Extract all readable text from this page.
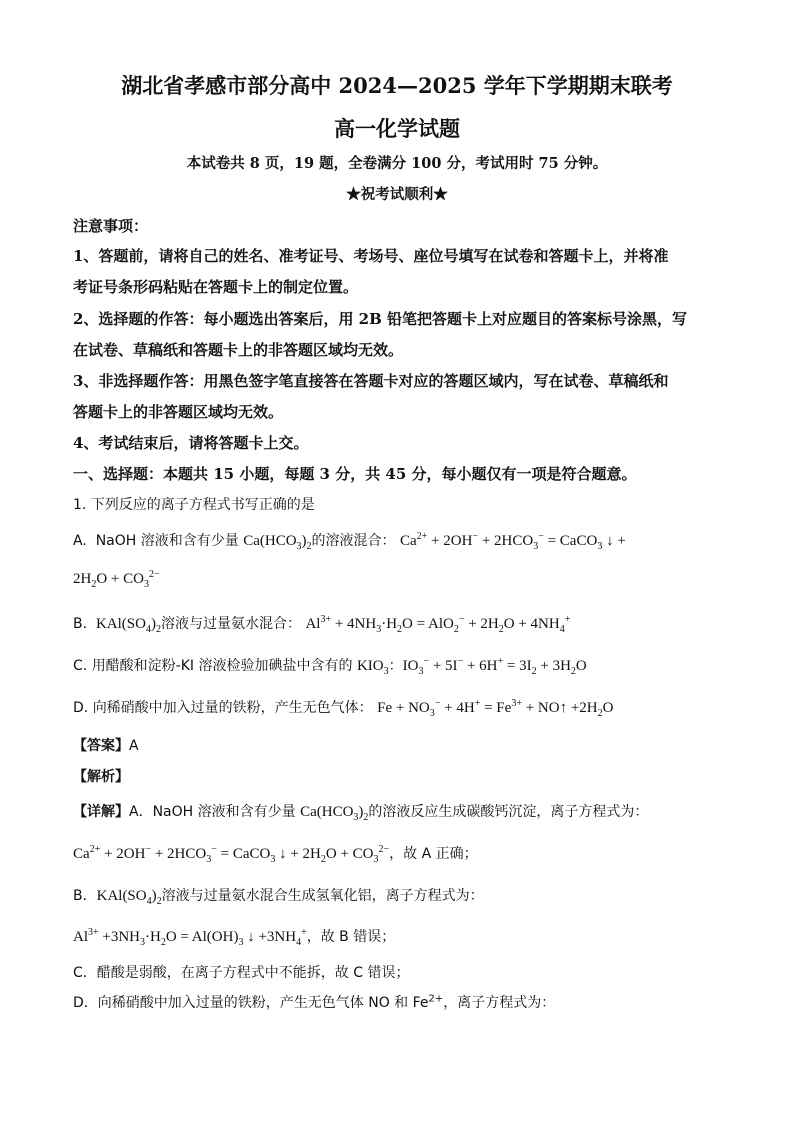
湖北省孝感市部分高中 2024—2025 学年下学期期末联考
高一化学试题
本试卷共 8 页，19 题，全卷满分 100 分，考试用时 75 分钟。
★祝考试顺利★
注意事项：
1、答题前，请将自己的姓名、准考证号、考场号、座位号填写在试卷和答题卡上，并将准
考证号条形码粘贴在答题卡上的制定位置。
2、选择题的作答：每小题选出答案后，用 2B 铅笔把答题卡上对应题目的答案标号涂黑，写
在试卷、草稿纸和答题卡上的非答题区域均无效。
3、非选择题作答：用黑色签字笔直接答在答题卡对应的答题区域内，写在试卷、草稿纸和
答题卡上的非答题区域均无效。
4、考试结束后，请将答题卡上交。
一、选择题：本题共 15 小题，每题 3 分，共 45 分，每小题仅有一项是符合题意。
1. 下列反应的离子方程式书写正确的是
A. NaOH 溶液和含有少量 $Ca(HCO_3)_2$的溶液混合： $Ca^{2+} + 2OH^- + 2HCO_3^-$ = CaCO$_3$ ↓ +
$2H_2O + CO_3^{2-}$
B. $KAl(SO_4)_2$溶液与过量氨水混合： $Al^{3+} + 4NH_3\cdot H_2O = AlO_2^- + 2H_2O + 4NH_4^+$
C. 用醋酸和淀粉-KI 溶液检验加碘盐中含有的 $KIO_3$：$IO_3^- + 5I^- + 6H^+ = 3I_2 + 3H_2O$
D. 向稀硝酸中加入过量的铁粉，产生无色气体： $Fe + NO_3^- + 4H^+ = Fe^{3+}$ + NO↑ $+2H_2O$
【答案】A
【解析】
【详解】A．NaOH 溶液和含有少量 $Ca(HCO_3)_2$的溶液反应生成碳酸钙沉淀，离子方程式为：
$Ca^{2+} + 2OH^- + 2HCO_3^-$ = CaCO$_3$ ↓ + $2H_2O + CO_3^{2-}$，故 A 正确；
B．$KAl(SO_4)_2$溶液与过量氨水混合生成氢氧化铝，离子方程式为：
$Al^{3+} +3NH_3\cdot H_2O = Al(OH)_3$ ↓ $+3NH_4^+$，故 B 错误；
C．醋酸是弱酸，在离子方程式中不能拆，故 C 错误；
D．向稀硝酸中加入过量的铁粉，产生无色气体 NO 和 $Fe^{2+}$，离子方程式为：
